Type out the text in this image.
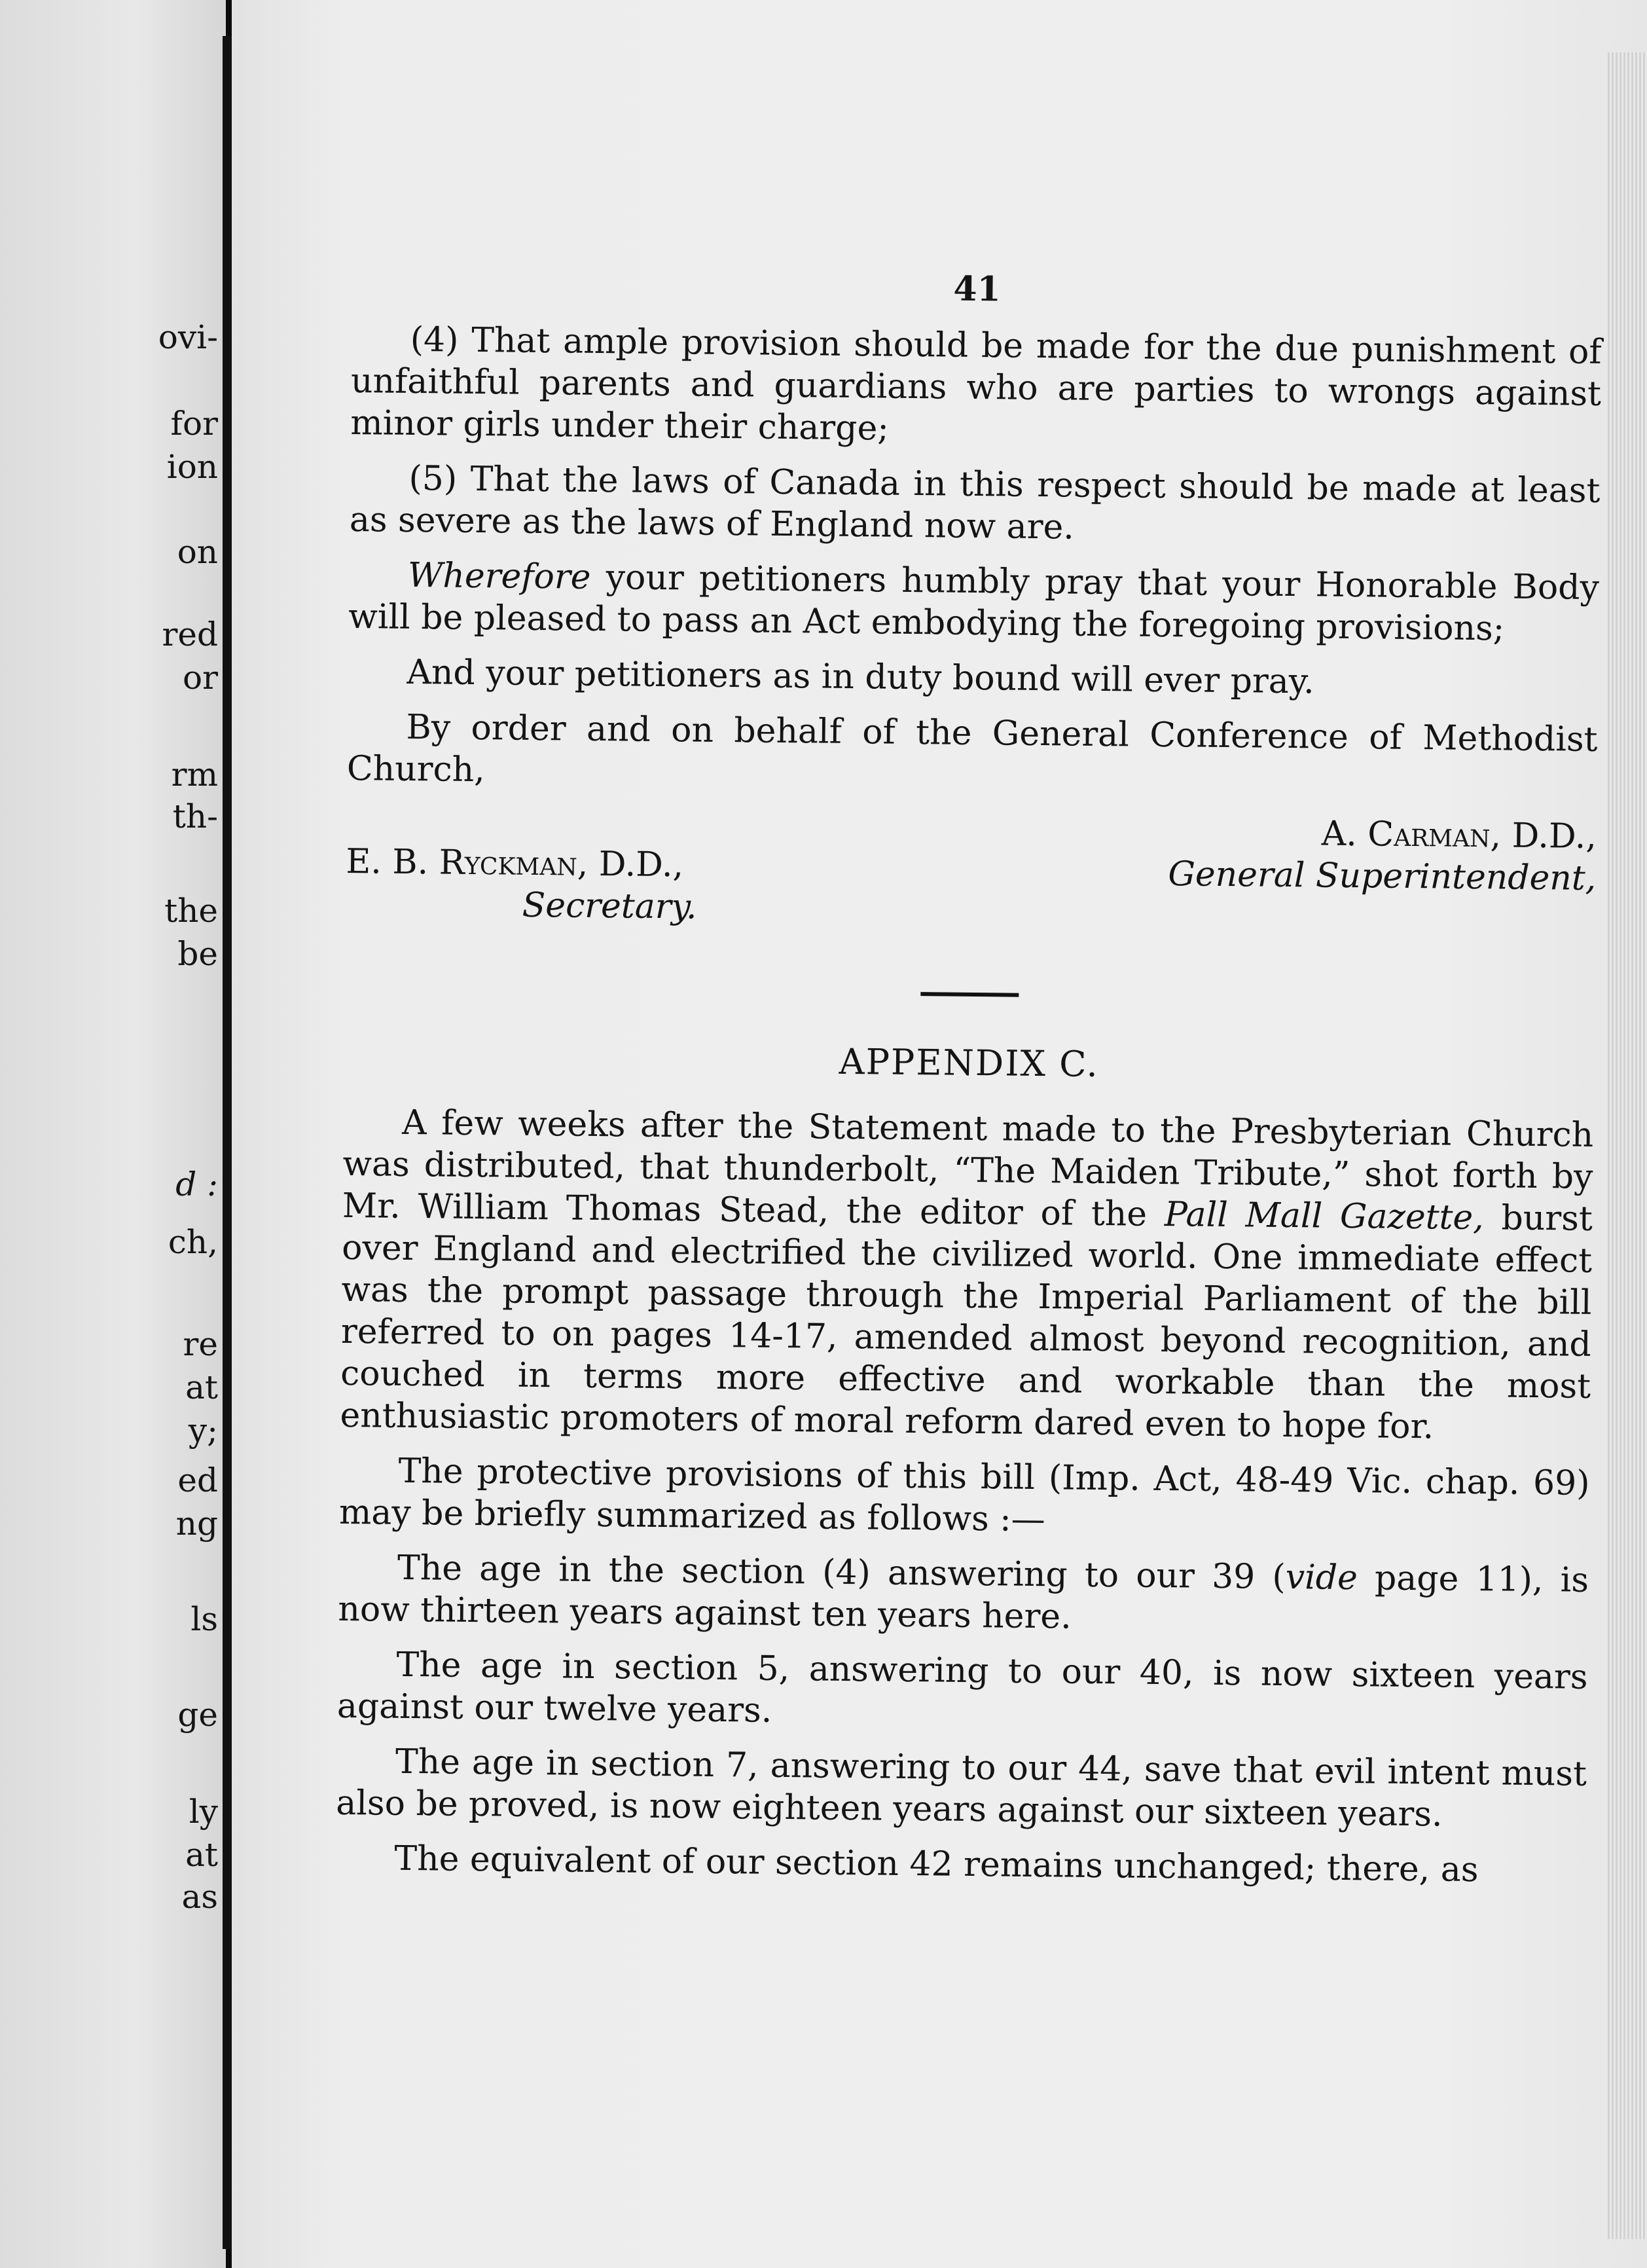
ovi-
for
ion
on
red
or
rm
th-
the
be
d :
ch,
re
at
y;
ed
ng
ls
ge
ly
at
as
41

(4) That ample provision should be made for the due punishment of unfaithful parents and guardians who are parties to wrongs against minor girls under their charge;

(5) That the laws of Canada in this respect should be made at least as severe as the laws of England now are.

Wherefore your petitioners humbly pray that your Honorable Body will be pleased to pass an Act embodying the foregoing provisions;

And your petitioners as in duty bound will ever pray.

By order and on behalf of the General Conference of Methodist Church,

E. B. Ryckman, D.D.,
Secretary.
A. Carman, D.D.,
General Superintendent,
APPENDIX C.

A few weeks after the Statement made to the Presbyterian Church was distributed, that thunderbolt, “The Maiden Tribute,” shot forth by Mr. William Thomas Stead, the editor of the Pall Mall Gazette, burst over England and electrified the civilized world. One immediate effect was the prompt passage through the Imperial Parliament of the bill referred to on pages 14-17, amended almost beyond recognition, and couched in terms more effective and workable than the most enthusiastic promoters of moral reform dared even to hope for.

The protective provisions of this bill (Imp. Act, 48-49 Vic. chap. 69) may be briefly summarized as follows :—

The age in the section (4) answering to our 39 (vide page 11), is now thirteen years against ten years here.

The age in section 5, answering to our 40, is now sixteen years against our twelve years.

The age in section 7, answering to our 44, save that evil intent must also be proved, is now eighteen years against our sixteen years.

The equivalent of our section 42 remains unchanged; there, as
